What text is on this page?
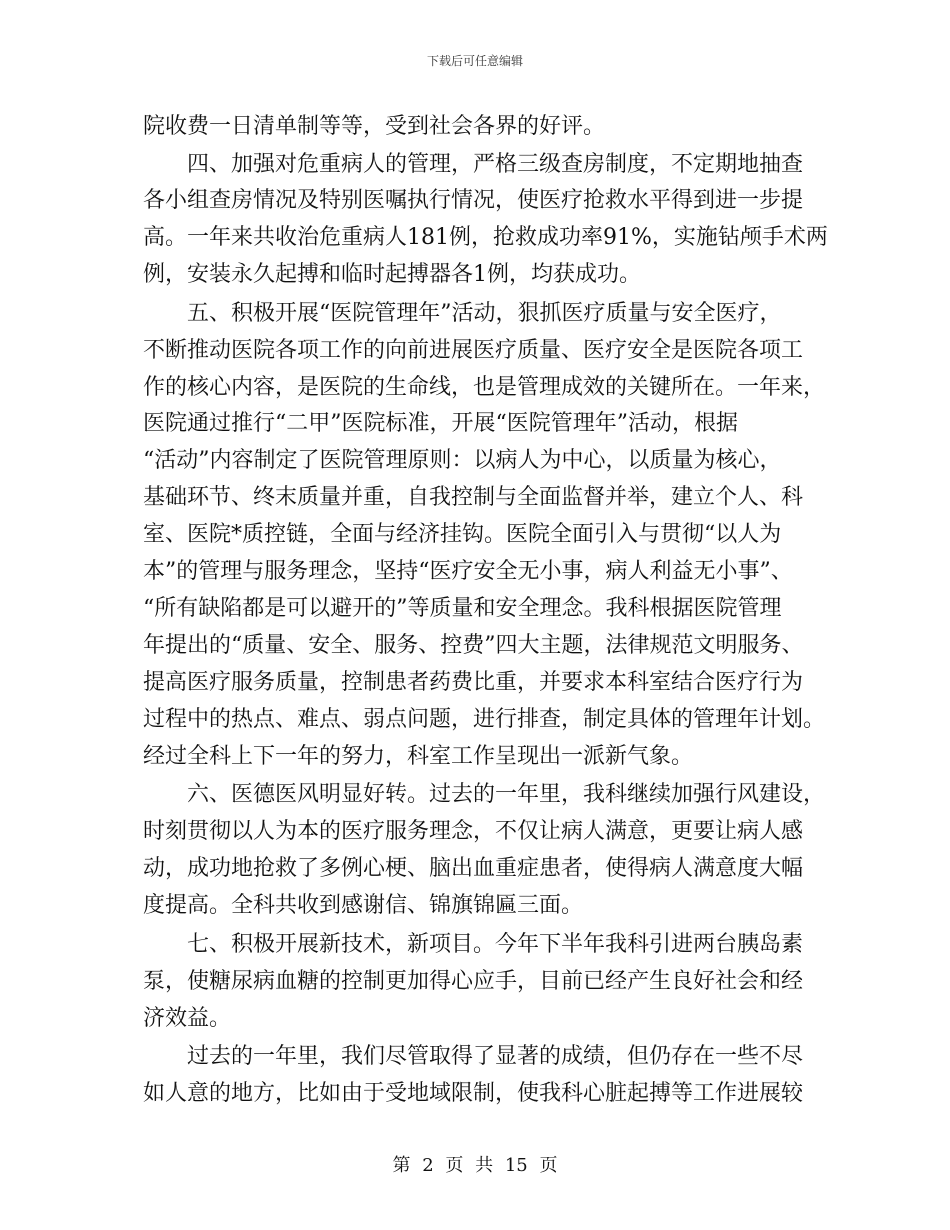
下载后可任意编辑
院收费一日清单制等等，受到社会各界的好评。
　　四、加强对危重病人的管理，严格三级查房制度，不定期地抽查
各小组查房情况及特别医嘱执行情况，使医疗抢救水平得到进一步提
高。一年来共收治危重病人181例，抢救成功率91%，实施钻颅手术两
例，安装永久起搏和临时起搏器各1例，均获成功。
　　五、积极开展“医院管理年”活动，狠抓医疗质量与安全医疗，
不断推动医院各项工作的向前进展医疗质量、医疗安全是医院各项工
作的核心内容，是医院的生命线，也是管理成效的关键所在。一年来，
医院通过推行“二甲”医院标准，开展“医院管理年”活动，根据
“活动”内容制定了医院管理原则：以病人为中心，以质量为核心，
基础环节、终末质量并重，自我控制与全面监督并举，建立个人、科
室、医院*质控链，全面与经济挂钩。医院全面引入与贯彻“以人为
本”的管理与服务理念，坚持“医疗安全无小事，病人利益无小事”、
“所有缺陷都是可以避开的”等质量和安全理念。我科根据医院管理
年提出的“质量、安全、服务、控费”四大主题，法律规范文明服务、
提高医疗服务质量，控制患者药费比重，并要求本科室结合医疗行为
过程中的热点、难点、弱点问题，进行排查，制定具体的管理年计划。
经过全科上下一年的努力，科室工作呈现出一派新气象。
　　六、医德医风明显好转。过去的一年里，我科继续加强行风建设，
时刻贯彻以人为本的医疗服务理念，不仅让病人满意，更要让病人感
动，成功地抢救了多例心梗、脑出血重症患者，使得病人满意度大幅
度提高。全科共收到感谢信、锦旗锦匾三面。
　　七、积极开展新技术，新项目。今年下半年我科引进两台胰岛素
泵，使糖尿病血糖的控制更加得心应手，目前已经产生良好社会和经
济效益。
　　过去的一年里，我们尽管取得了显著的成绩，但仍存在一些不尽
如人意的地方，比如由于受地域限制，使我科心脏起搏等工作进展较
第 2 页 共 15 页
